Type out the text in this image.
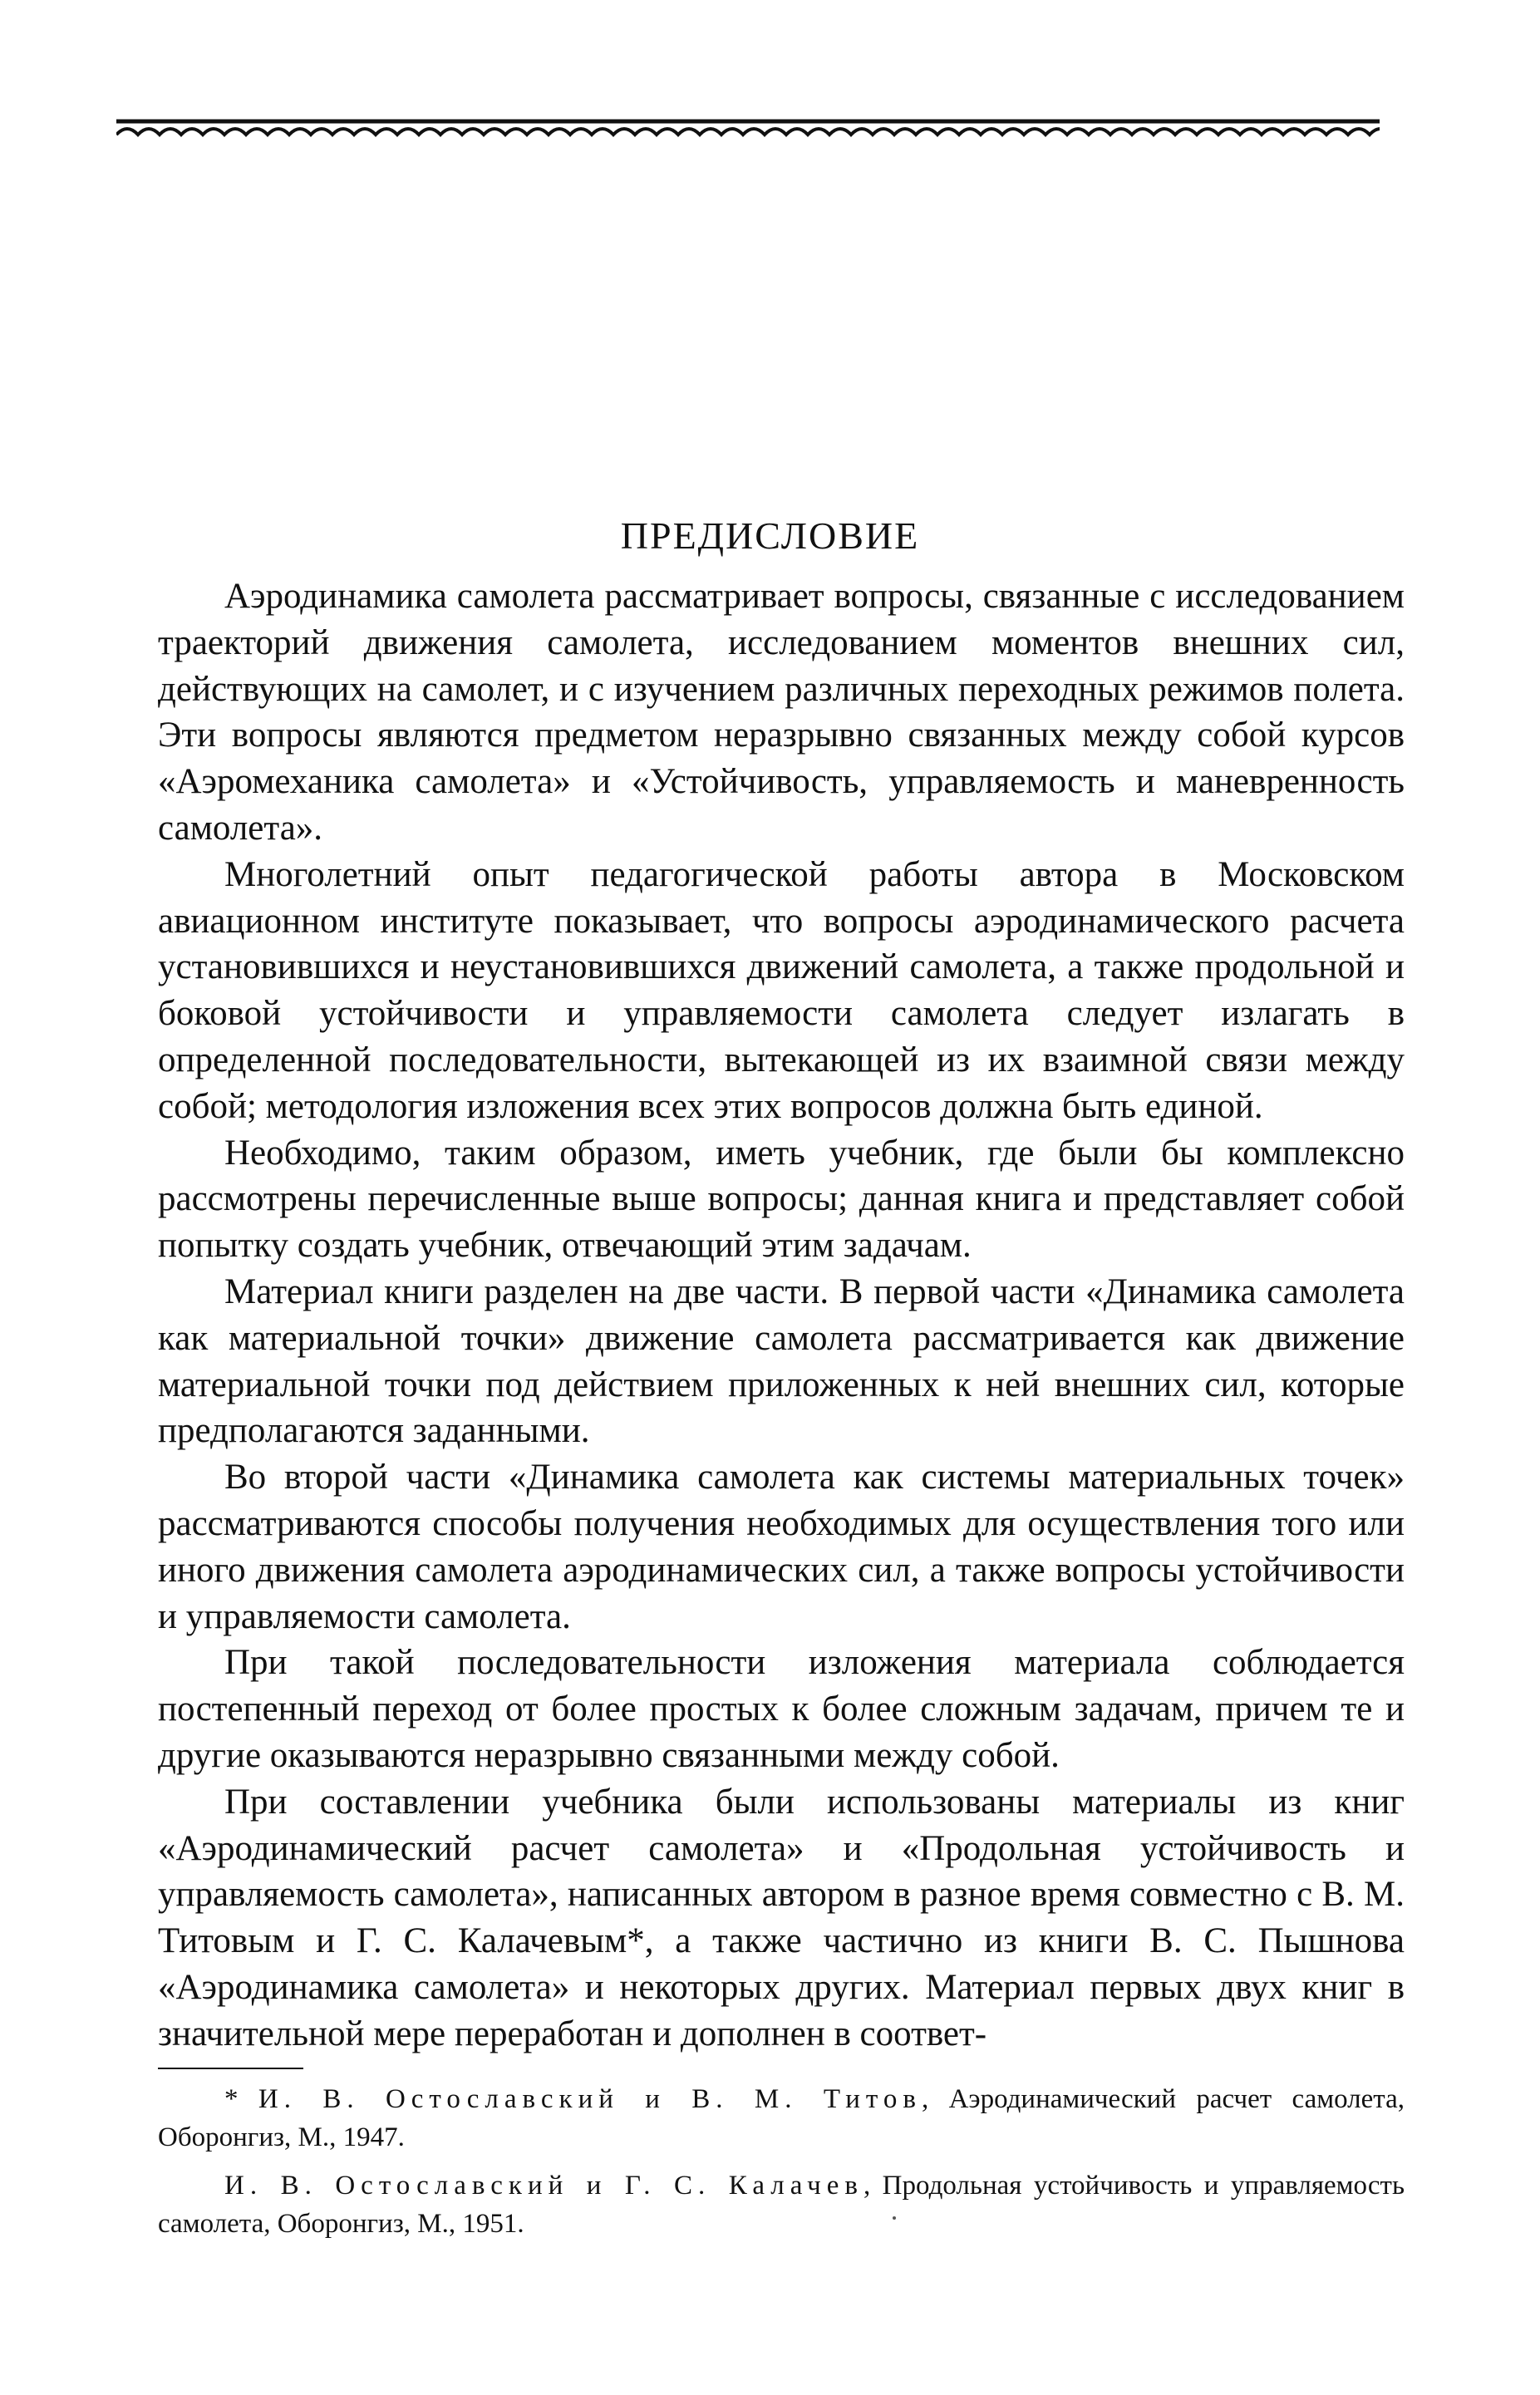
ПРЕДИСЛОВИЕ

Аэродинамика самолета рассматривает вопросы, связанные с исследованием траекторий движения самолета, исследованием моментов внешних сил, действующих на самолет, и с изучением различных переходных режимов полета. Эти вопросы являются предметом неразрывно связанных между собой курсов «Аэромеханика самолета» и «Устойчивость, управляемость и маневренность самолета».

Многолетний опыт педагогической работы автора в Московском авиационном институте показывает, что вопросы аэродинамического расчета установившихся и неустановившихся движений самолета, а также продольной и боковой устойчивости и управляемости самолета следует излагать в определенной последовательности, вытекающей из их взаимной связи между собой; методология изложения всех этих вопросов должна быть единой.

Необходимо, таким образом, иметь учебник, где были бы комплексно рассмотрены перечисленные выше вопросы; данная книга и представляет собой попытку создать учебник, отвечающий этим задачам.

Материал книги разделен на две части. В первой части «Динамика самолета как материальной точки» движение самолета рассматривается как движение материальной точки под действием приложенных к ней внешних сил, которые предполагаются заданными.

Во второй части «Динамика самолета как системы материальных точек» рассматриваются способы получения необходимых для осуществления того или иного движения самолета аэродинамических сил, а также вопросы устойчивости и управляемости самолета.

При такой последовательности изложения материала соблюдается постепенный переход от более простых к более сложным задачам, причем те и другие оказываются неразрывно связанными между собой.

При составлении учебника были использованы материалы из книг «Аэродинамический расчет самолета» и «Продольная устойчивость и управляемость самолета», написанных автором в разное время совместно с В. М. Титовым и Г. С. Калачевым*, а также частично из книги В. С. Пышнова «Аэродинамика самолета» и некоторых других. Материал первых двух книг в значительной мере переработан и дополнен в соответ-

* И. В. Остославский и В. М. Титов, Аэродинамический расчет самолета, Оборонгиз, М., 1947.

И. В. Остославский и Г. С. Калачев, Продольная устойчивость и управляемость самолета, Оборонгиз, М., 1951.
